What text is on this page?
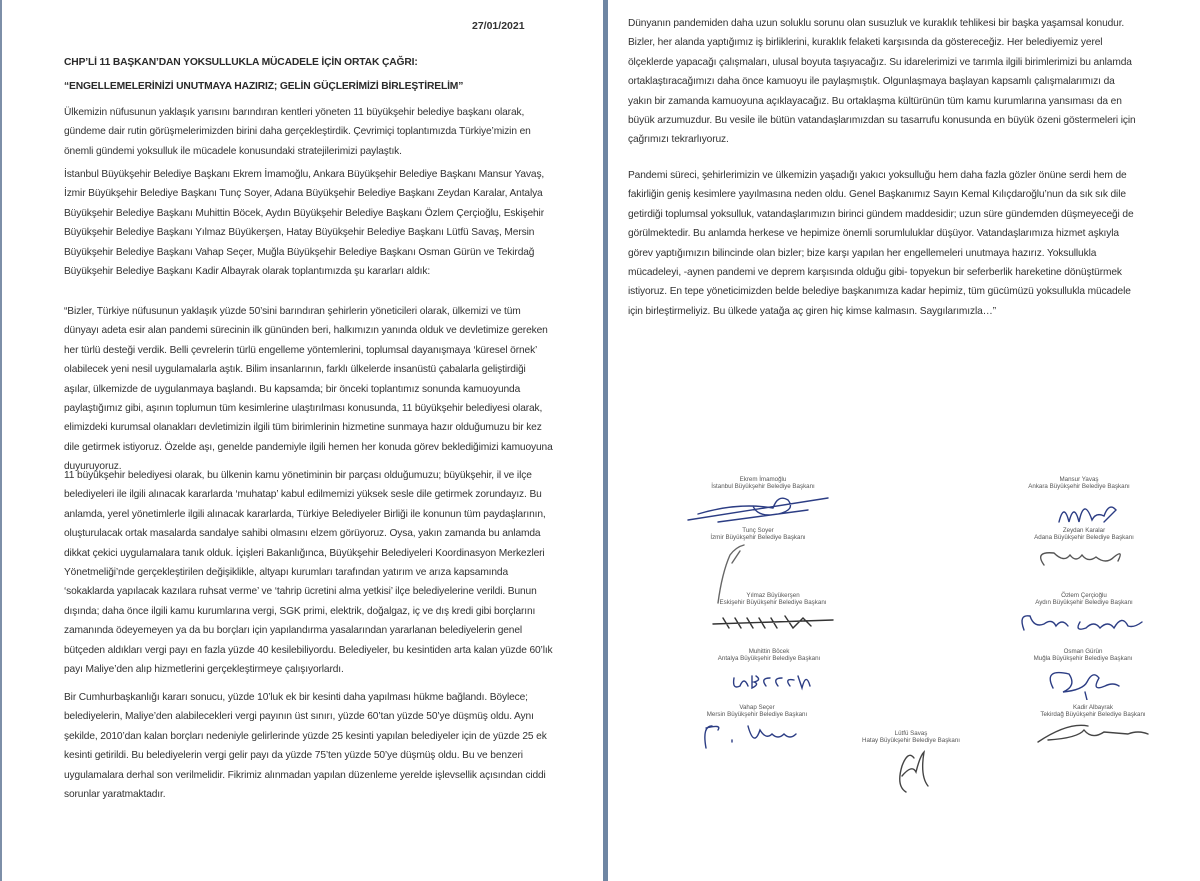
27/01/2021
CHP’Lİ 11 BAŞKAN’DAN YOKSULLUKLA MÜCADELE İÇİN ORTAK ÇAĞRI:
“ENGELLEMELERİNİZİ UNUTMAYA HAZIRIZ; GELİN GÜÇLERİMİZİ BİRLEŞTİRELİM”

Ülkemizin nüfusunun yaklaşık yarısını barındıran kentleri yöneten 11 büyükşehir belediye başkanı olarak, gündeme dair rutin görüşmelerimizden birini daha gerçekleştirdik. Çevrimiçi toplantımızda Türkiye’mizin en önemli gündemi yoksulluk ile mücadele konusundaki stratejilerimizi paylaştık.

İstanbul Büyükşehir Belediye Başkanı Ekrem İmamoğlu, Ankara Büyükşehir Belediye Başkanı Mansur Yavaş, İzmir Büyükşehir Belediye Başkanı Tunç Soyer, Adana Büyükşehir Belediye Başkanı Zeydan Karalar, Antalya Büyükşehir Belediye Başkanı Muhittin Böcek, Aydın Büyükşehir Belediye Başkanı Özlem Çerçioğlu, Eskişehir Büyükşehir Belediye Başkanı Yılmaz Büyükerşen, Hatay Büyükşehir Belediye Başkanı Lütfü Savaş, Mersin Büyükşehir Belediye Başkanı Vahap Seçer, Muğla Büyükşehir Belediye Başkanı Osman Gürün ve Tekirdağ Büyükşehir Belediye Başkanı Kadir Albayrak olarak toplantımızda şu kararları aldık:

“Bizler, Türkiye nüfusunun yaklaşık yüzde 50’sini barındıran şehirlerin yöneticileri olarak, ülkemizi ve tüm dünyayı adeta esir alan pandemi sürecinin ilk gününden beri, halkımızın yanında olduk ve devletimize gereken her türlü desteği verdik. Belli çevrelerin türlü engelleme yöntemlerini, toplumsal dayanışmaya ‘küresel örnek’ olabilecek yeni nesil uygulamalarla aştık. Bilim insanlarının, farklı ülkelerde insanüstü çabalarla geliştirdiği aşılar, ülkemizde de uygulanmaya başlandı. Bu kapsamda; bir önceki toplantımız sonunda kamuoyunda paylaştığımız gibi, aşının toplumun tüm kesimlerine ulaştırılması konusunda, 11 büyükşehir belediyesi olarak, elimizdeki kurumsal olanakları devletimizin ilgili tüm birimlerinin hizmetine sunmaya hazır olduğumuzu bir kez dile getirmek istiyoruz. Özelde aşı, genelde pandemiyle ilgili hemen her konuda görev beklediğimizi kamuoyuna duyuruyoruz.

11 büyükşehir belediyesi olarak, bu ülkenin kamu yönetiminin bir parçası olduğumuzu; büyükşehir, il ve ilçe belediyeleri ile ilgili alınacak kararlarda ‘muhatap’ kabul edilmemizi yüksek sesle dile getirmek zorundayız. Bu anlamda, yerel yönetimlerle ilgili alınacak kararlarda, Türkiye Belediyeler Birliği ile konunun tüm paydaşlarının, oluşturulacak ortak masalarda sandalye sahibi olmasını elzem görüyoruz. Oysa, yakın zamanda bu anlamda dikkat çekici uygulamalara tanık olduk. İçişleri Bakanlığınca, Büyükşehir Belediyeleri Koordinasyon Merkezleri Yönetmeliği’nde gerçekleştirilen değişiklikle, altyapı kurumları tarafından yatırım ve arıza kapsamında ‘sokaklarda yapılacak kazılara ruhsat verme’ ve ‘tahrip ücretini alma yetkisi’ ilçe belediyelerine verildi. Bunun dışında; daha önce ilgili kamu kurumlarına vergi, SGK primi, elektrik, doğalgaz, iç ve dış kredi gibi borçlarını zamanında ödeyemeyen ya da bu borçları için yapılandırma yasalarından yararlanan belediyelerin genel bütçeden aldıkları vergi payı en fazla yüzde 40 kesilebiliyordu. Belediyeler, bu kesintiden arta kalan yüzde 60’lık payı Maliye’den alıp hizmetlerini gerçekleştirmeye çalışıyorlardı.

Bir Cumhurbaşkanlığı kararı sonucu, yüzde 10’luk ek bir kesinti daha yapılması hükme bağlandı. Böylece; belediyelerin, Maliye’den alabilecekleri vergi payının üst sınırı, yüzde 60’tan yüzde 50’ye düşmüş oldu. Aynı şekilde, 2010’dan kalan borçları nedeniyle gelirlerinde yüzde 25 kesinti yapılan belediyeler için de yüzde 25 ek kesinti getirildi. Bu belediyelerin vergi gelir payı da yüzde 75’ten yüzde 50’ye düşmüş oldu. Bu ve benzeri uygulamalara derhal son verilmelidir. Fikrimiz alınmadan yapılan düzenleme yerelde işlevsellik açısından ciddi sorunlar yaratmaktadır.

Dünyanın pandemiden daha uzun soluklu sorunu olan susuzluk ve kuraklık tehlikesi bir başka yaşamsal konudur. Bizler, her alanda yaptığımız iş birliklerini, kuraklık felaketi karşısında da göstereceğiz. Her belediyemiz yerel ölçeklerde yapacağı çalışmaları, ulusal boyuta taşıyacağız. Su idarelerimizi ve tarımla ilgili birimlerimizi bu anlamda ortaklaştıracağımızı daha önce kamuoyu ile paylaşmıştık. Olgunlaşmaya başlayan kapsamlı çalışmalarımızı da yakın bir zamanda kamuoyuna açıklayacağız. Bu ortaklaşma kültürünün tüm kamu kurumlarına yansıması da en büyük arzumuzdur. Bu vesile ile bütün vatandaşlarımızdan su tasarrufu konusunda en büyük özeni göstermeleri için çağrımızı tekrarlıyoruz.

Pandemi süreci, şehirlerimizin ve ülkemizin yaşadığı yakıcı yoksulluğu hem daha fazla gözler önüne serdi hem de fakirliğin geniş kesimlere yayılmasına neden oldu. Genel Başkanımız Sayın Kemal Kılıçdaroğlu’nun da sık sık dile getirdiği toplumsal yoksulluk, vatandaşlarımızın birinci gündem maddesidir; uzun süre gündemden düşmeyeceği de görülmektedir. Bu anlamda herkese ve hepimize önemli sorumluluklar düşüyor. Vatandaşlarımıza hizmet aşkıyla görev yaptığımızın bilincinde olan bizler; bize karşı yapılan her engellemeleri unutmaya hazırız. Yoksullukla mücadeleyi, -aynen pandemi ve deprem karşısında olduğu gibi- topyekun bir seferberlik hareketine dönüştürmek istiyoruz. En tepe yöneticimizden belde belediye başkanımıza kadar hepimiz, tüm gücümüzü yoksullukla mücadele için birleştirmeliyiz. Bu ülkede yatağa aç giren hiç kimse kalmasın. Saygılarımızla…”

Ekrem İmamoğlu
İstanbul Büyükşehir Belediye Başkanı
Mansur Yavaş
Ankara Büyükşehir Belediye Başkanı
Tunç Soyer
İzmir Büyükşehir Belediye Başkanı
Zeydan Karalar
Adana Büyükşehir Belediye Başkanı
Yılmaz Büyükerşen
Eskişehir Büyükşehir Belediye Başkanı
Özlem Çerçioğlu
Aydın Büyükşehir Belediye Başkanı
Muhittin Böcek
Antalya Büyükşehir Belediye Başkanı
Osman Gürün
Muğla Büyükşehir Belediye Başkanı
Vahap Seçer
Mersin Büyükşehir Belediye Başkanı
Kadir Albayrak
Tekirdağ Büyükşehir Belediye Başkanı
Lütfü Savaş
Hatay Büyükşehir Belediye Başkanı
